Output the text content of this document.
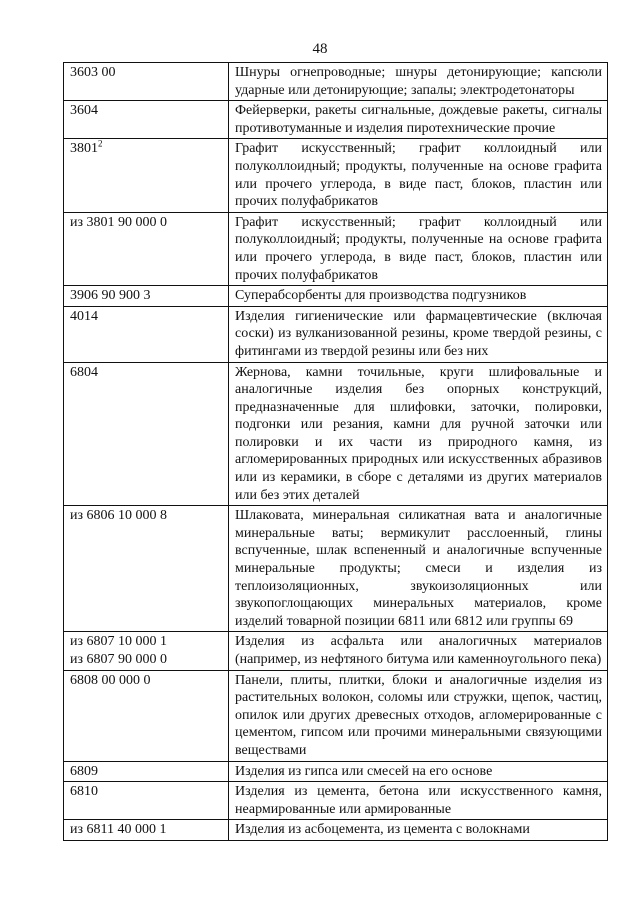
48
3603 00	Шнуры огнепроводные; шнуры детонирующие; капсюли ударные или детонирующие; запалы; электродетонаторы

3604	Фейерверки, ракеты сигнальные, дождевые ракеты, сигналы противотуманные и изделия пиротехнические прочие

3801$^2$	Графит искусственный; графит коллоидный или полуколлоидный; продукты, полученные на основе графита или прочего углерода, в виде паст, блоков, пластин или прочих полуфабрикатов

из 3801 90 000 0	Графит искусственный; графит коллоидный или полуколлоидный; продукты, полученные на основе графита или прочего углерода, в виде паст, блоков, пластин или прочих полуфабрикатов

3906 90 900 3	Суперабсорбенты для производства подгузников

4014	Изделия гигиенические или фармацевтические (включая соски) из вулканизованной резины, кроме твердой резины, с фитингами из твердой резины или без них

6804	Жернова, камни точильные, круги шлифовальные и аналогичные изделия без опорных конструкций, предназначенные для шлифовки, заточки, полировки, подгонки или резания, камни для ручной заточки или полировки и их части из природного камня, из агломерированных природных или искусственных абразивов или из керамики, в сборе с деталями из других материалов или без этих деталей

из 6806 10 000 8	Шлаковата, минеральная силикатная вата и аналогичные минеральные ваты; вермикулит расслоенный, глины вспученные, шлак вспененный и аналогичные вспученные минеральные продукты; смеси и изделия из теплоизоляционных, звукоизоляционных или звукопоглощающих минеральных материалов, кроме изделий товарной позиции 6811 или 6812 или группы 69

из 6807 10 000 1
из 6807 90 000 0	Изделия из асфальта или аналогичных материалов (например, из нефтяного битума или каменноугольного пека)

6808 00 000 0	Панели, плиты, плитки, блоки и аналогичные изделия из растительных волокон, соломы или стружки, щепок, частиц, опилок или других древесных отходов, агломерированные с цементом, гипсом или прочими минеральными связующими веществами

6809	Изделия из гипса или смесей на его основе

6810	Изделия из цемента, бетона или искусственного камня, неармированные или армированные

из 6811 40 000 1	Изделия из асбоцемента, из цемента с волокнами
